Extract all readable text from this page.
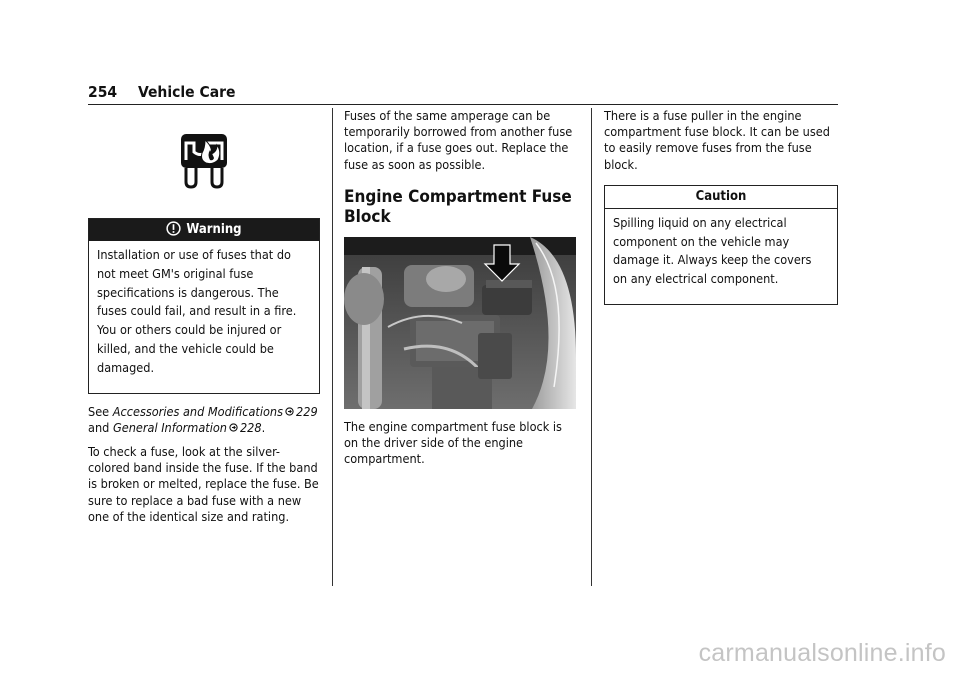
254 Vehicle Care
Warning

Installation or use of fuses that do not meet GM's original fuse specifications is dangerous. The fuses could fail, and result in a fire. You or others could be injured or killed, and the vehicle could be damaged.

See Accessories and Modifications 229 and General Information 228.

To check a fuse, look at the silver-colored band inside the fuse. If the band is broken or melted, replace the fuse. Be sure to replace a bad fuse with a new one of the identical size and rating.

Fuses of the same amperage can be temporarily borrowed from another fuse location, if a fuse goes out. Replace the fuse as soon as possible.

Engine Compartment Fuse Block

The engine compartment fuse block is on the driver side of the engine compartment.

There is a fuse puller in the engine compartment fuse block. It can be used to easily remove fuses from the fuse block.

Caution

Spilling liquid on any electrical component on the vehicle may damage it. Always keep the covers on any electrical component.

carmanualsonline.info
